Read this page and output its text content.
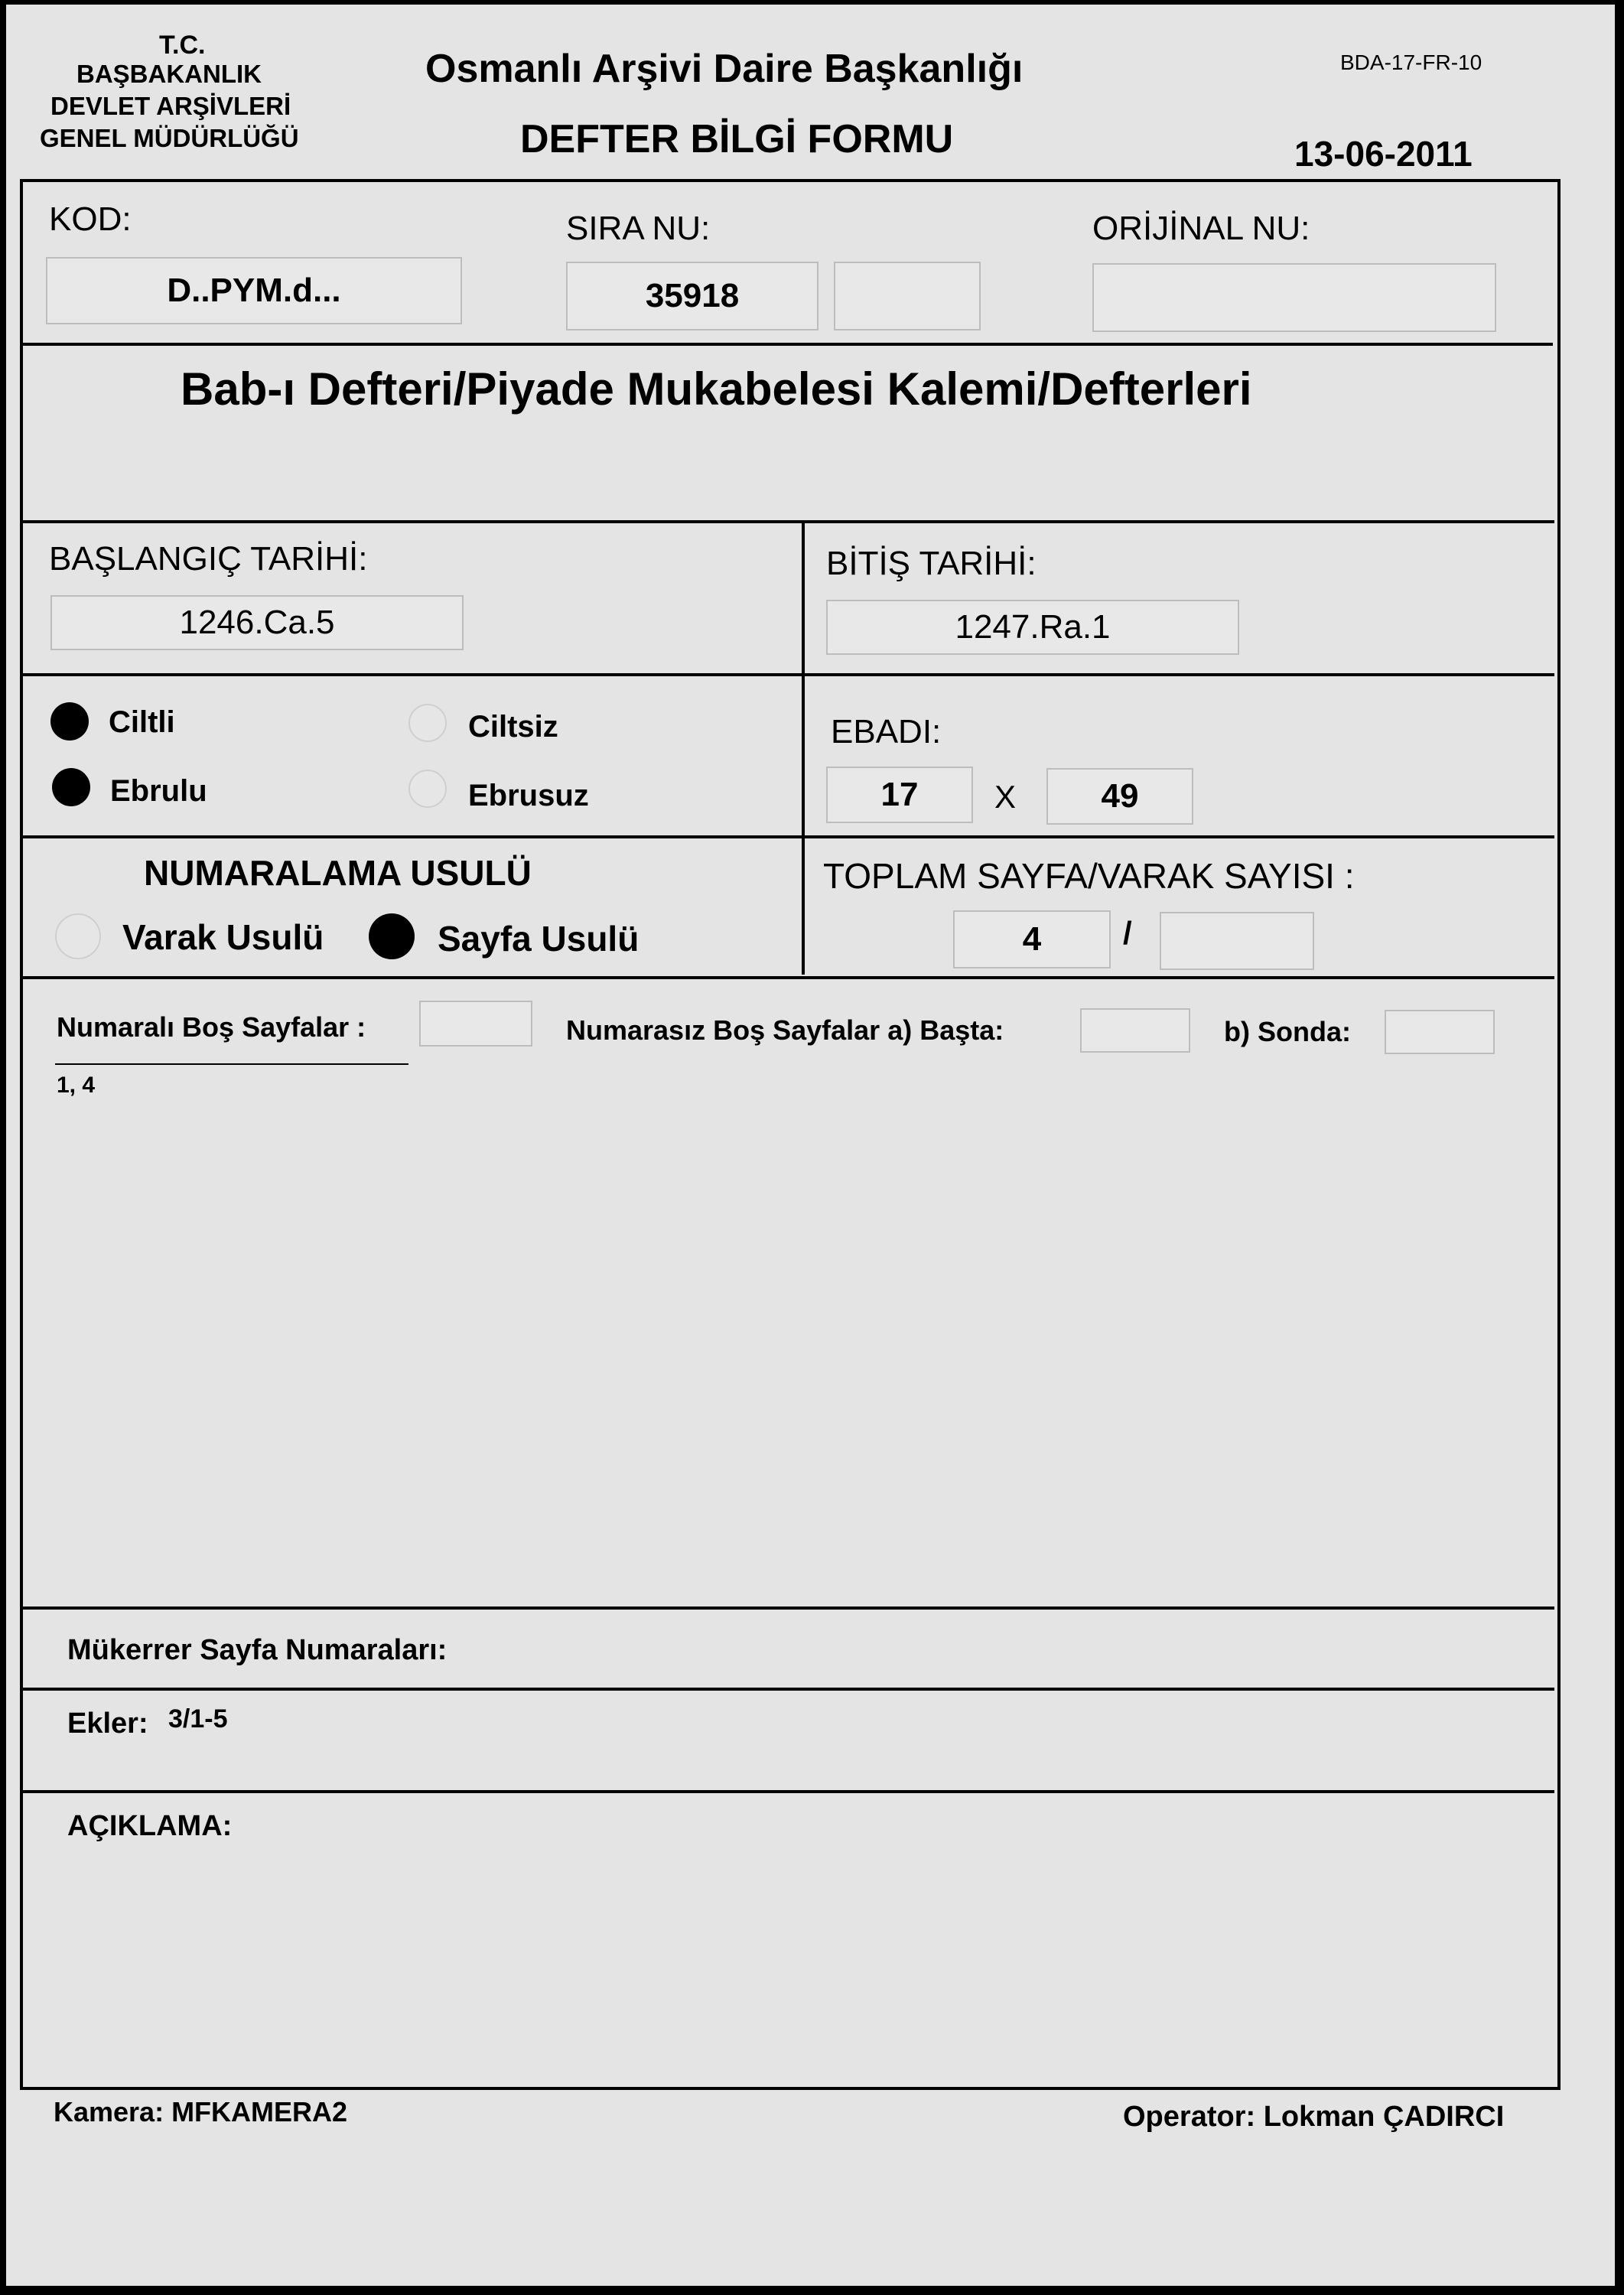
T.C.
BAŞBAKANLIK
DEVLET ARŞİVLERİ
GENEL MÜDÜRLÜĞÜ
Osmanlı Arşivi Daire Başkanlığı
DEFTER BİLGİ FORMU
BDA-17-FR-10
13-06-2011
KOD:	SIRA NU:	ORİJİNAL NU:
D..PYM.d...	35918
Bab-ı Defteri/Piyade Mukabelesi Kalemi/Defterleri
BAŞLANGIÇ TARİHİ:	BİTİŞ TARİHİ:
1246.Ca.5	1247.Ra.1
Ciltli	Ciltsiz
Ebrulu	Ebrusuz
EBADI:
17 X	49
NUMARALAMA USULÜ
Varak Usulü	Sayfa Usulü
TOPLAM SAYFA/VARAK SAYISI :
4	/
Numaralı Boş Sayfalar :
1, 4
Numarasız Boş Sayfalar a) Başta:	b) Sonda:
Mükerrer Sayfa Numaraları:
Ekler: 3/1-5
AÇIKLAMA:
Kamera: MFKAMERA2	Operator: Lokman ÇADIRCI
